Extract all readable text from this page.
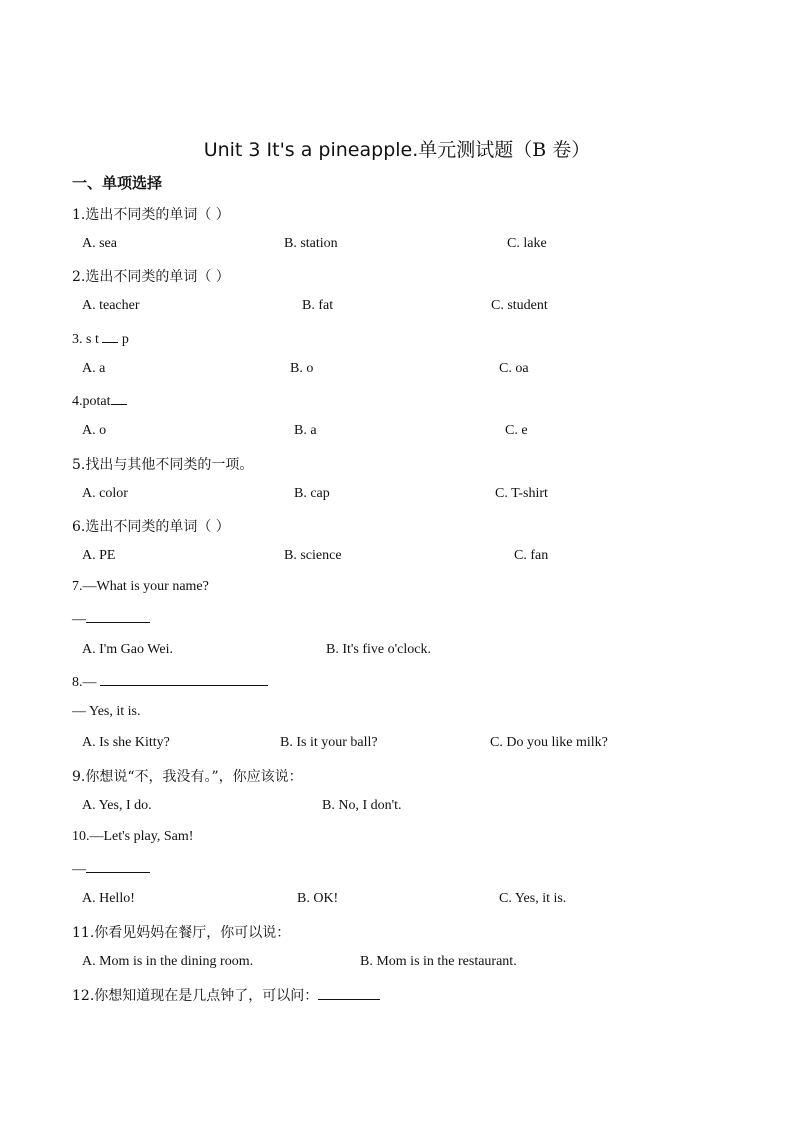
Unit 3 It's a pineapple.单元测试题（B 卷）
一、单项选择
1.选出不同类的单词（ ）
A. sea	B. station	C. lake
2.选出不同类的单词（ ）
A. teacher	B. fat	C. student
3. s t  p
A. a	B. o	C. oa
4.potat
A. o	B. a	C. e
5.找出与其他不同类的一项。
A. color	B. cap	C. T-shirt
6.选出不同类的单词（ ）
A. PE	B. science	C. fan
7.—What is your name?
—
A. I'm Gao Wei.	B. It's five o'clock.
8.—
— Yes, it is.
A. Is she Kitty?	B. Is it your ball?	C. Do you like milk?
9.你想说“不，我没有。”，你应该说：
A. Yes, I do.	B. No, I don't.
10.—Let's play, Sam!
—
A. Hello!	B. OK!	C. Yes, it is.
11.你看见妈妈在餐厅，你可以说：
A. Mom is in the dining room.	B. Mom is in the restaurant.
12.你想知道现在是几点钟了，可以问：
